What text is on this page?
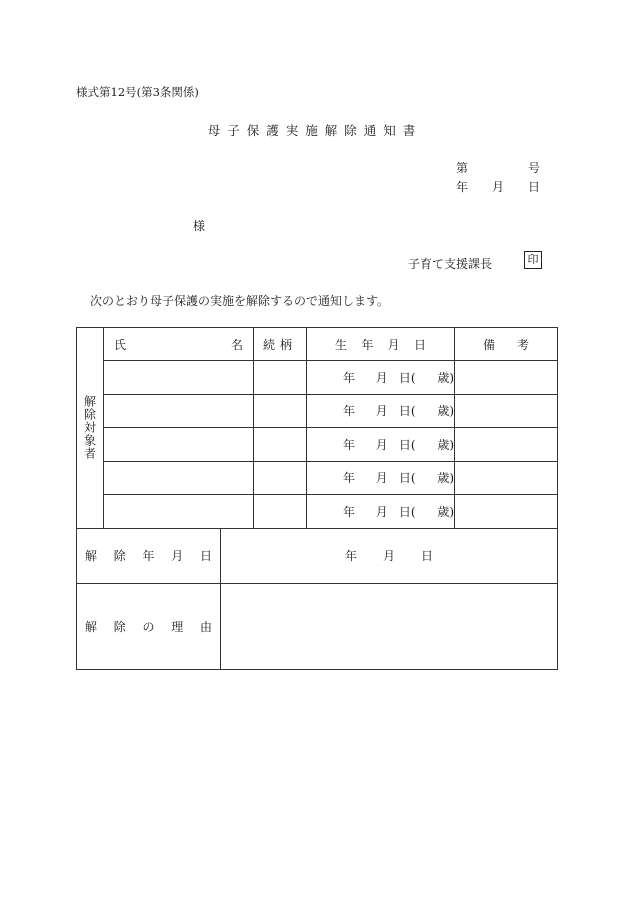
様式第12号(第3条関係)
母子保護実施解除通知書
第	号
年 月 日
様
子育て支援課長	印
次のとおり母子保護の実施を解除するので通知します。
解除対象者	氏 名		続柄	生 年 月 日	備 考

				年 月 日( 歳)	

				年 月 日( 歳)	

				年 月 日( 歳)	

				年 月 日( 歳)	

				年 月 日( 歳)	

解 除 年 月 日		年 月 日			

解 除 の 理 由					
